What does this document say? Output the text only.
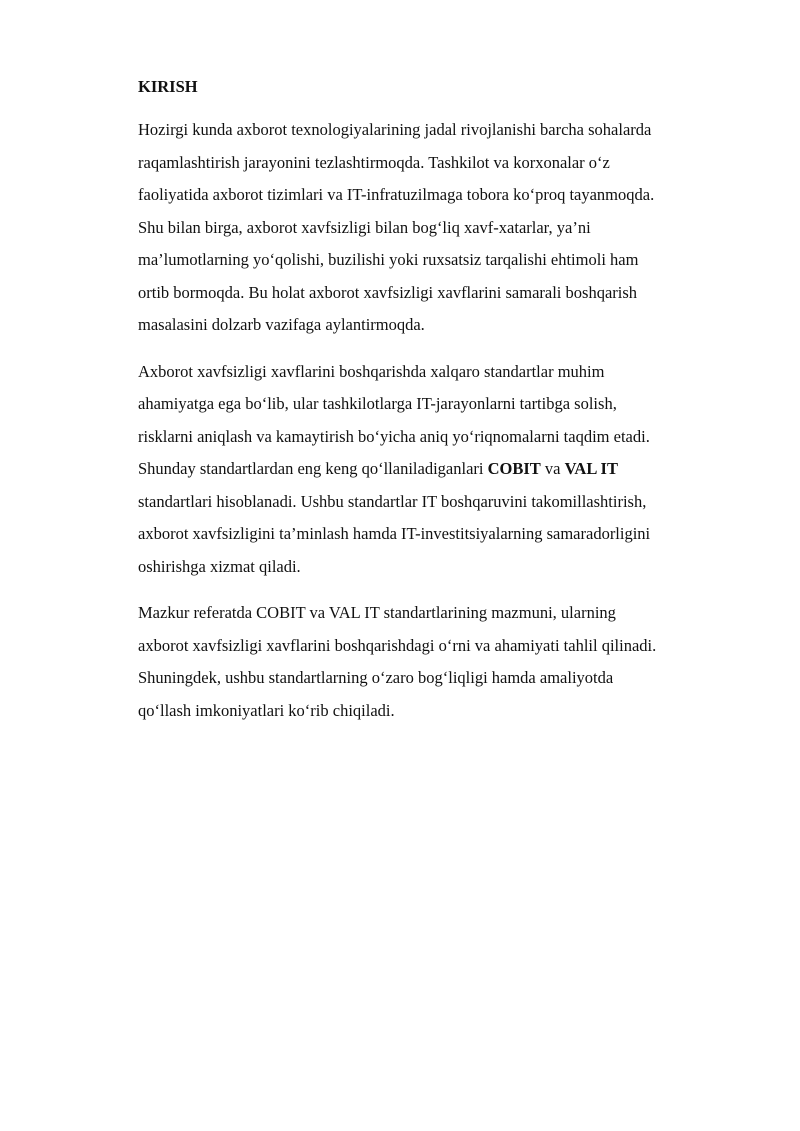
KIRISH
Hozirgi kunda axborot texnologiyalarining jadal rivojlanishi barcha sohalarda
raqamlashtirish jarayonini tezlashtirmoqda. Tashkilot va korxonalar o‘z
faoliyatida axborot tizimlari va IT-infratuzilmaga tobora ko‘proq tayanmoqda.
Shu bilan birga, axborot xavfsizligi bilan bog‘liq xavf-xatarlar, ya’ni
ma’lumotlarning yo‘qolishi, buzilishi yoki ruxsatsiz tarqalishi ehtimoli ham
ortib bormoqda. Bu holat axborot xavfsizligi xavflarini samarali boshqarish
masalasini dolzarb vazifaga aylantirmoqda.
Axborot xavfsizligi xavflarini boshqarishda xalqaro standartlar muhim
ahamiyatga ega bo‘lib, ular tashkilotlarga IT-jarayonlarni tartibga solish,
risklarni aniqlash va kamaytirish bo‘yicha aniq yo‘riqnomalarni taqdim etadi.
Shunday standartlardan eng keng qo‘llaniladiganlari COBIT va VAL IT
standartlari hisoblanadi. Ushbu standartlar IT boshqaruvini takomillashtirish,
axborot xavfsizligini ta’minlash hamda IT-investitsiyalarning samaradorligini
oshirishga xizmat qiladi.
Mazkur referatda COBIT va VAL IT standartlarining mazmuni, ularning
axborot xavfsizligi xavflarini boshqarishdagi o‘rni va ahamiyati tahlil qilinadi.
Shuningdek, ushbu standartlarning o‘zaro bog‘liqligi hamda amaliyotda
qo‘llash imkoniyatlari ko‘rib chiqiladi.
